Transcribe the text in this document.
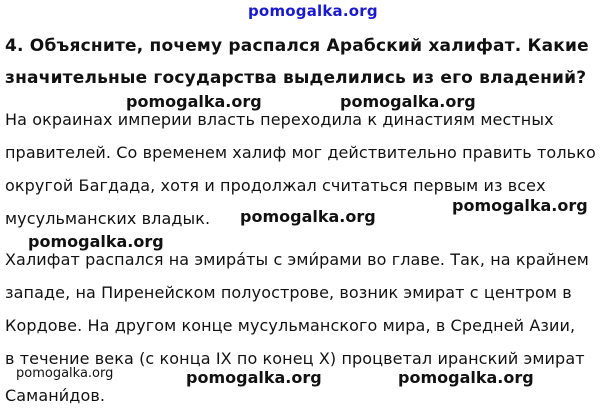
pomogalka.org
4. Объясните, почему распался Арабский халифат. Какие
значительные государства выделились из его владений?
pomogalka.org	pomogalka.org
На окраинах империи власть переходила к династиям местных
правителей. Со временем халиф мог действительно править только
округой Багдада, хотя и продолжал считаться первым из всех
pomogalka.org
мусульманских владык.	pomogalka.org
pomogalka.org
Халифат распался на эмира́ты с эми́рами во главе. Так, на крайнем
западе, на Пиренейском полуострове, возник эмират с центром в
Кордове. На другом конце мусульманского мира, в Средней Азии,
в течение века (с конца IX по конец X) процветал иранский эмират
pomogalka.org	pomogalka.org	pomogalka.org
Самани́дов.
